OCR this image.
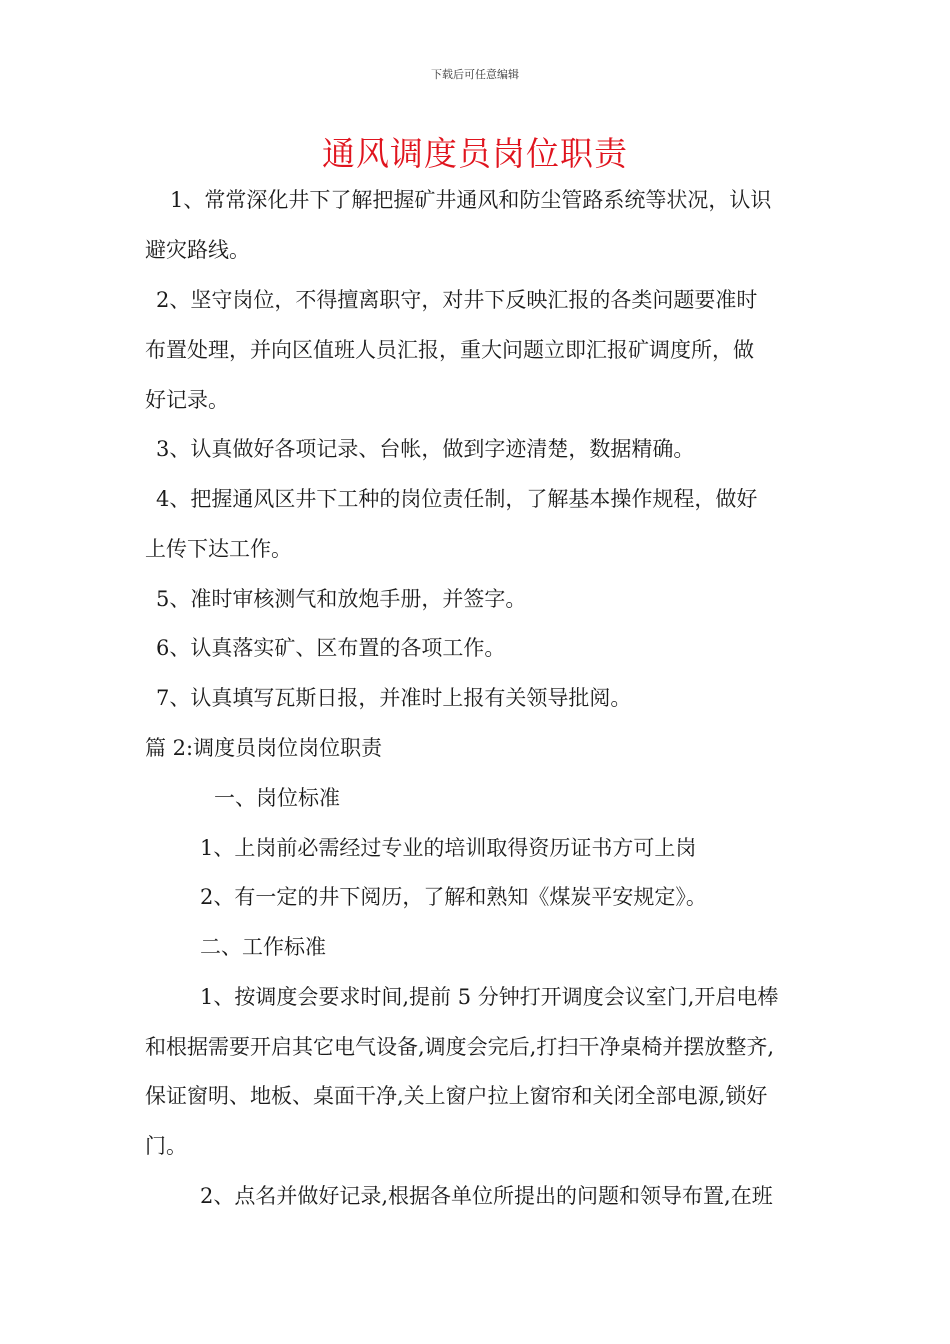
下载后可任意编辑
通风调度员岗位职责
1、常常深化井下了解把握矿井通风和防尘管路系统等状况，认识
避灾路线。
2、坚守岗位，不得擅离职守，对井下反映汇报的各类问题要准时
布置处理，并向区值班人员汇报，重大问题立即汇报矿调度所，做
好记录。
3、认真做好各项记录、台帐，做到字迹清楚，数据精确。
4、把握通风区井下工种的岗位责任制，了解基本操作规程，做好
上传下达工作。
5、准时审核测气和放炮手册，并签字。
6、认真落实矿、区布置的各项工作。
7、认真填写瓦斯日报，并准时上报有关领导批阅。
篇 2:调度员岗位岗位职责
一、岗位标准
1、上岗前必需经过专业的培训取得资历证书方可上岗
2、有一定的井下阅历，了解和熟知《煤炭平安规定》。
二、工作标准
1、按调度会要求时间,提前 5 分钟打开调度会议室门,开启电棒
和根据需要开启其它电气设备,调度会完后,打扫干净桌椅并摆放整齐,
保证窗明、地板、桌面干净,关上窗户拉上窗帘和关闭全部电源,锁好
门。
2、点名并做好记录,根据各单位所提出的问题和领导布置,在班
